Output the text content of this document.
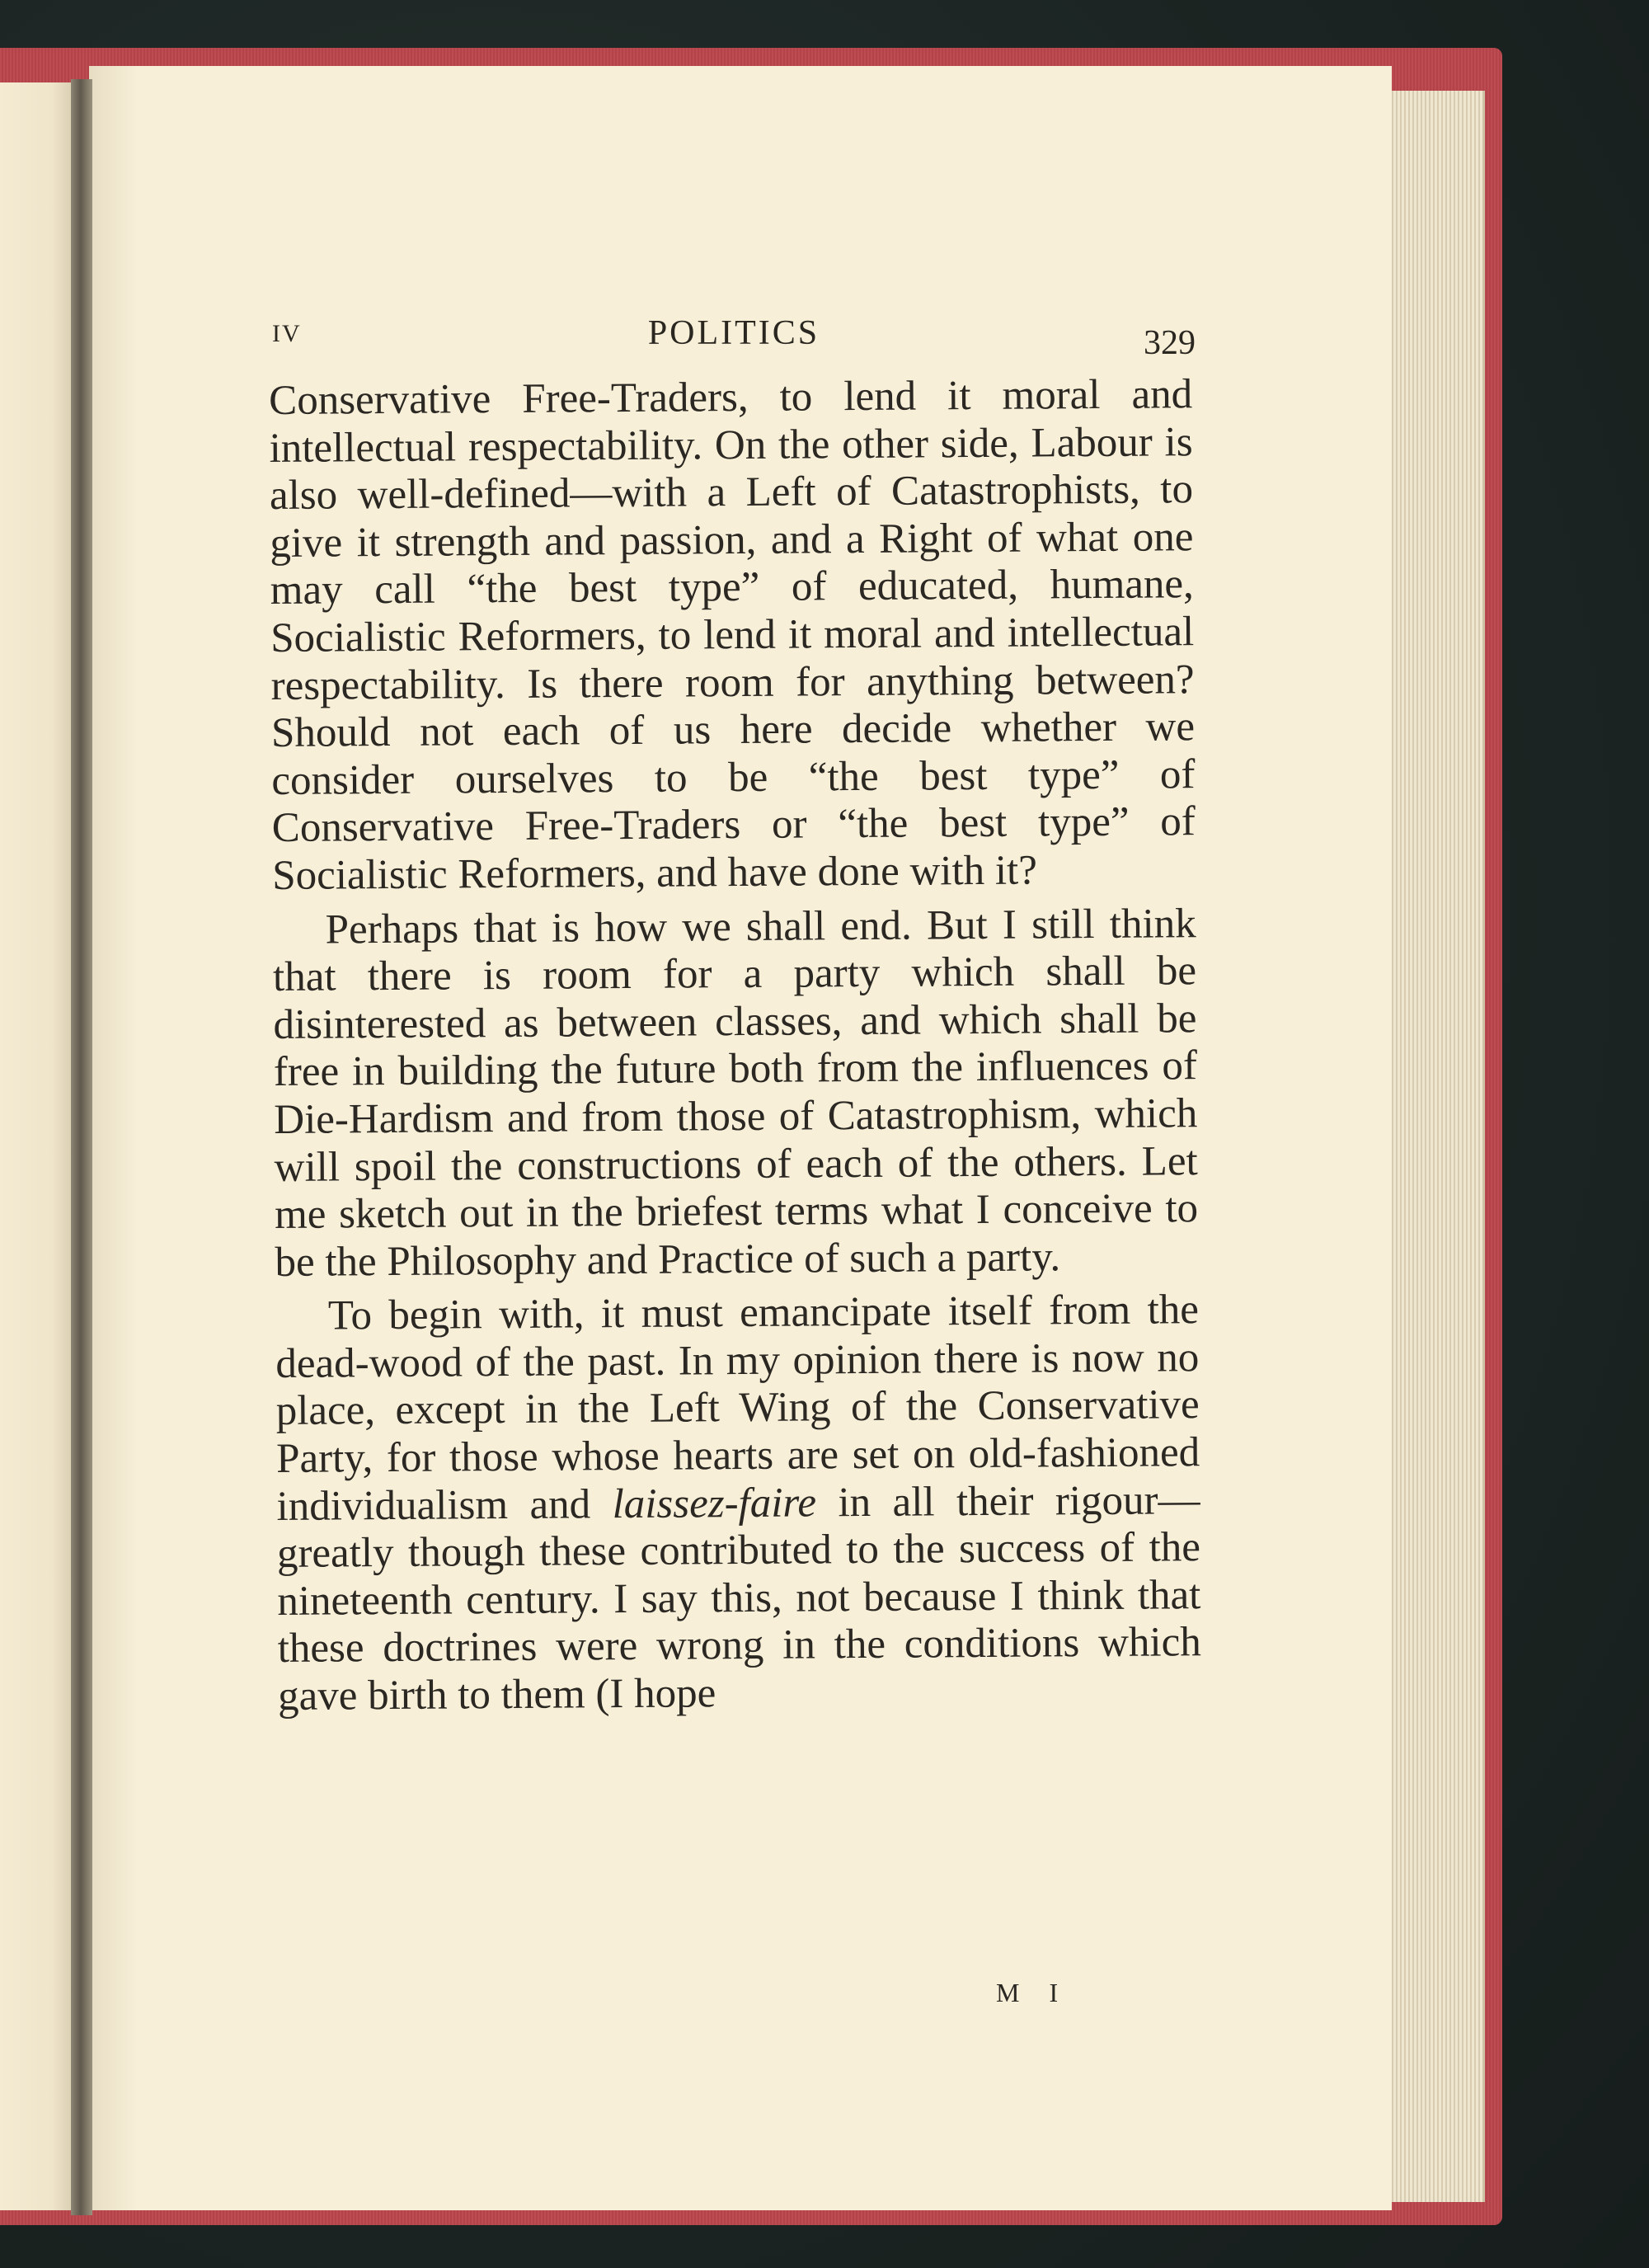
IV	POLITICS	329

Conservative Free-Traders, to lend it moral and intellectual respectability. On the other side, Labour is also well-defined—with a Left of Catastrophists, to give it strength and passion, and a Right of what one may call “the best type” of educated, humane, Socialistic Reformers, to lend it moral and intellectual respectability. Is there room for anything between? Should not each of us here decide whether we consider ourselves to be “the best type” of Conservative Free-Traders or “the best type” of Socialistic Reformers, and have done with it?

Perhaps that is how we shall end. But I still think that there is room for a party which shall be disinterested as between classes, and which shall be free in building the future both from the influences of Die-Hardism and from those of Catastrophism, which will spoil the constructions of each of the others. Let me sketch out in the briefest terms what I conceive to be the Philosophy and Practice of such a party.

To begin with, it must emancipate itself from the dead-wood of the past. In my opinion there is now no place, except in the Left Wing of the Conservative Party, for those whose hearts are set on old-fashioned individualism and laissez-faire in all their rigour—greatly though these contributed to the success of the nineteenth century. I say this, not because I think that these doctrines were wrong in the conditions which gave birth to them (I hope

M I
